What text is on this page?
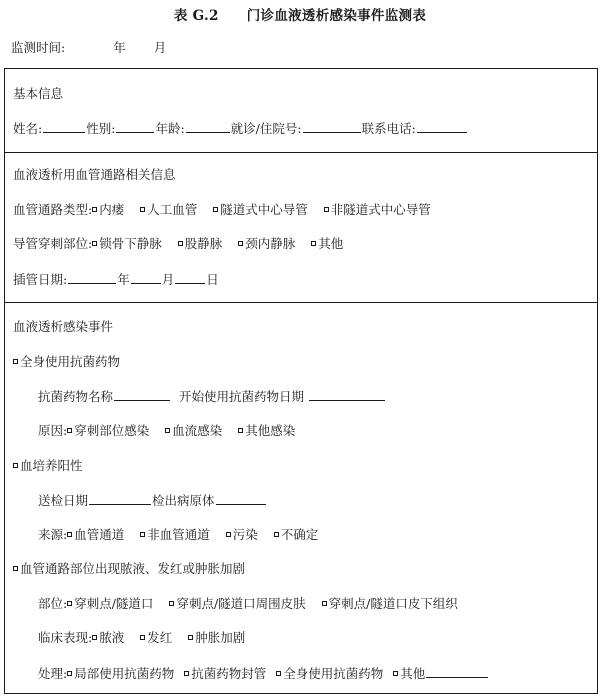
表 G.2 门诊血液透析感染事件监测表
监测时间:	年 月
基本信息
姓名:	性别:	年龄:	就诊/住院号:	联系电话:
血液透析用血管通路相关信息
血管通路类型: 内瘘 人工血管 隧道式中心导管 非隧道式中心导管
导管穿刺部位: 锁骨下静脉 股静脉 颈内静脉 其他
插管日期:	年	月	日
血液透析感染事件
全身使用抗菌药物
抗菌药物名称	开始使用抗菌药物日期
原因: 穿刺部位感染 血流感染 其他感染
血培养阳性
送检日期	检出病原体
来源: 血管通道 非血管通道 污染 不确定
血管通路部位出现脓液、发红或肿胀加剧
部位: 穿刺点/隧道口 穿刺点/隧道口周围皮肤 穿刺点/隧道口皮下组织
临床表现: 脓液 发红 肿胀加剧
处理: 局部使用抗菌药物 抗菌药物封管 全身使用抗菌药物 其他
